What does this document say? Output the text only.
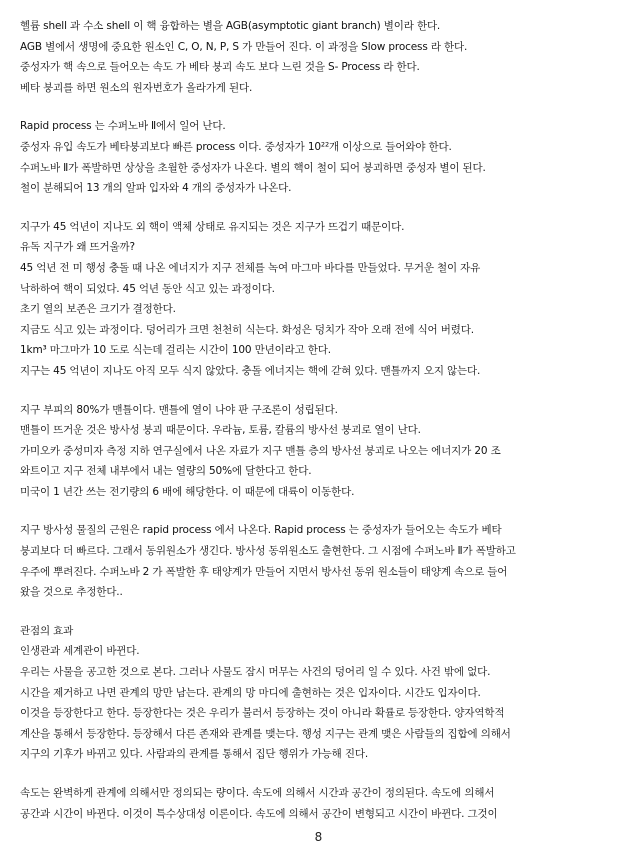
헬륨 shell 과 수소 shell 이 핵 융합하는 별을 AGB(asymptotic giant branch) 별이라 한다.
AGB 별에서 생명에 중요한 원소인 C, O, N, P, S 가 만들어 진다. 이 과정을 Slow process 라 한다.
중성자가 핵 속으로 들어오는 속도 가 베타 붕괴 속도 보다 느린 것을 S- Process 라 한다.
베타 붕괴를 하면 원소의 원자번호가 올라가게 된다.
Rapid process 는 수퍼노바 Ⅱ에서 일어 난다.
중성자 유입 속도가 베타붕괴보다 빠른 process 이다. 중성자가 10²²개 이상으로 들어와야 한다.
수퍼노바 Ⅱ가 폭발하면 상상을 초월한 중성자가 나온다. 별의 핵이 철이 되어 붕괴하면 중성자 별이 된다.
철이 분해되어 13 개의 알파 입자와 4 개의 중성자가 나온다.
지구가 45 억년이 지나도 외 핵이 액체 상태로 유지되는 것은 지구가 뜨겁기 때문이다.
유독 지구가 왜 뜨거울까?
45 억년 전 미 행성 충돌 때 나온 에너지가 지구 전체를 녹여 마그마 바다를 만들었다. 무거운 철이 자유
낙하하여 핵이 되었다. 45 억년 동안 식고 있는 과정이다.
초기 열의 보존은 크기가 결정한다.
지금도 식고 있는 과정이다. 덩어리가 크면 천천히 식는다. 화성은 덩치가 작아 오래 전에 식어 버렸다.
1km³ 마그마가 10 도로 식는데 걸리는 시간이 100 만년이라고 한다.
지구는 45 억년이 지나도 아직 모두 식지 않았다. 충돌 에너지는 핵에 갇혀 있다. 맨틀까지 오지 않는다.
지구 부피의 80%가 맨틀이다. 맨틀에 열이 나야 판 구조론이 성립된다.
맨틀이 뜨거운 것은 방사성 붕괴 때문이다. 우라늄, 토륨, 칼륨의 방사선 붕괴로 열이 난다.
가미오카 중성미자 측정 지하 연구실에서 나온 자료가 지구 맨틀 층의 방사선 붕괴로 나오는 에너지가 20 조
와트이고 지구 전체 내부에서 내는 열량의 50%에 달한다고 한다.
미국이 1 년간 쓰는 전기량의 6 배에 해당한다. 이 때문에 대륙이 이동한다.
지구 방사성 물질의 근원은 rapid process 에서 나온다. Rapid process 는 중성자가 들어오는 속도가 베타
붕괴보다 더 빠르다. 그래서 동위원소가 생긴다. 방사성 동위원소도 출현한다. 그 시점에 수퍼노바 Ⅱ가 폭발하고
우주에 뿌려진다. 수퍼노바 2 가 폭발한 후 태양계가 만들어 지면서 방사선 동위 원소들이 태양계 속으로 들어
왔을 것으로 추정한다..
관점의 효과
인생관과 세계관이 바뀐다.
우리는 사물을 공고한 것으로 본다. 그러나 사물도 잠시 머무는 사건의 덩어리 일 수 있다. 사건 밖에 없다.
시간을 제거하고 나면 관계의 망만 남는다. 관계의 망 마디에 출현하는 것은 입자이다. 시간도 입자이다.
이것을 등장한다고 한다. 등장한다는 것은 우리가 불러서 등장하는 것이 아니라 확률로 등장한다. 양자역학적
계산을 통해서 등장한다. 등장해서 다른 존재와 관계를 맺는다. 행성 지구는 관계 맺은 사람들의 집합에 의해서
지구의 기후가 바뀌고 있다. 사람과의 관계를 통해서 집단 행위가 가능해 진다.
속도는 완벽하게 관계에 의해서만 정의되는 량이다. 속도에 의해서 시간과 공간이 정의된다. 속도에 의해서
공간과 시간이 바뀐다. 이것이 특수상대성 이론이다. 속도에 의해서 공간이 변형되고 시간이 바뀐다. 그것이
8
